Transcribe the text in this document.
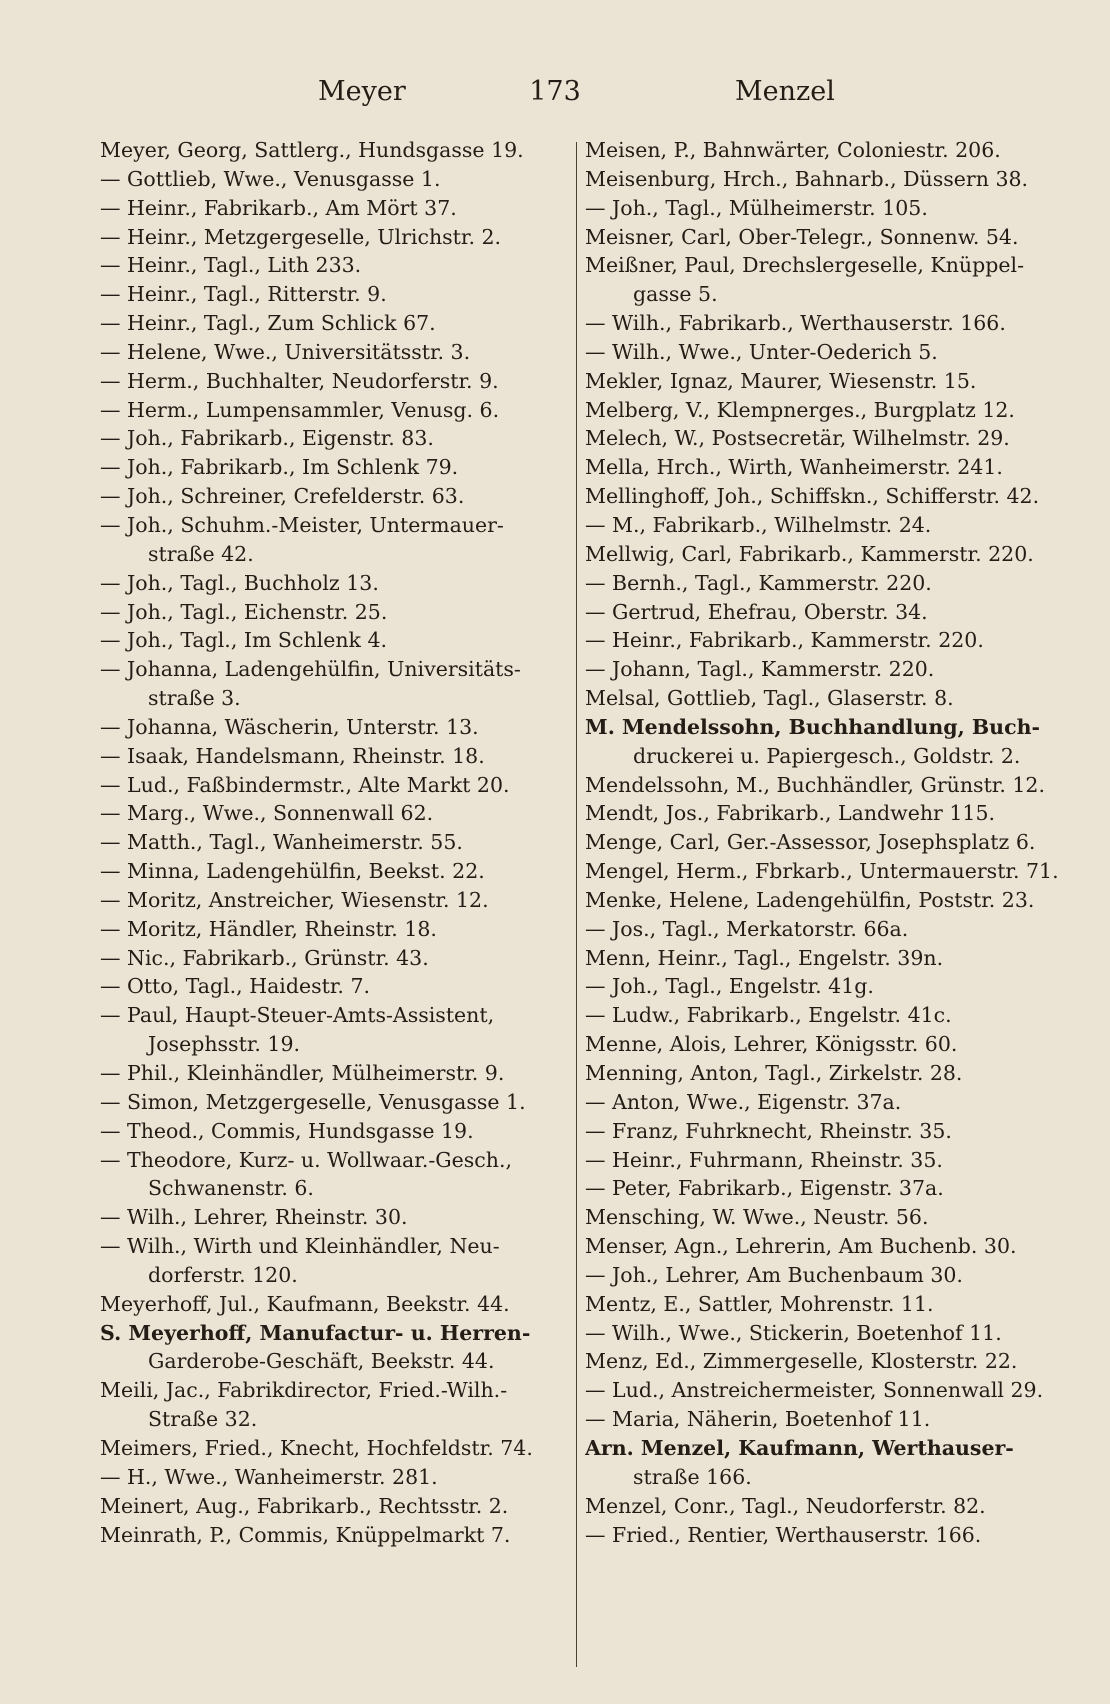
Meyer	173	Menzel
Meyer, Georg, Sattlerg., Hundsgasse 19.
— Gottlieb, Wwe., Venusgasse 1.
— Heinr., Fabrikarb., Am Mört 37.
— Heinr., Metzgergeselle, Ulrichstr. 2.
— Heinr., Tagl., Lith 233.
— Heinr., Tagl., Ritterstr. 9.
— Heinr., Tagl., Zum Schlick 67.
— Helene, Wwe., Universitätsstr. 3.
— Herm., Buchhalter, Neudorferstr. 9.
— Herm., Lumpensammler, Venusg. 6.
— Joh., Fabrikarb., Eigenstr. 83.
— Joh., Fabrikarb., Im Schlenk 79.
— Joh., Schreiner, Crefelderstr. 63.
— Joh., Schuhm.-Meister, Untermauer-
straße 42.
— Joh., Tagl., Buchholz 13.
— Joh., Tagl., Eichenstr. 25.
— Joh., Tagl., Im Schlenk 4.
— Johanna, Ladengehülfin, Universitäts-
straße 3.
— Johanna, Wäscherin, Unterstr. 13.
— Isaak, Handelsmann, Rheinstr. 18.
— Lud., Faßbindermstr., Alte Markt 20.
— Marg., Wwe., Sonnenwall 62.
— Matth., Tagl., Wanheimerstr. 55.
— Minna, Ladengehülfin, Beekst. 22.
— Moritz, Anstreicher, Wiesenstr. 12.
— Moritz, Händler, Rheinstr. 18.
— Nic., Fabrikarb., Grünstr. 43.
— Otto, Tagl., Haidestr. 7.
— Paul, Haupt-Steuer-Amts-Assistent,
Josephsstr. 19.
— Phil., Kleinhändler, Mülheimerstr. 9.
— Simon, Metzgergeselle, Venusgasse 1.
— Theod., Commis, Hundsgasse 19.
— Theodore, Kurz- u. Wollwaar.-Gesch.,
Schwanenstr. 6.
— Wilh., Lehrer, Rheinstr. 30.
— Wilh., Wirth und Kleinhändler, Neu-
dorferstr. 120.
Meyerhoff, Jul., Kaufmann, Beekstr. 44.
S. Meyerhoff, Manufactur- u. Herren-
Garderobe-Geschäft, Beekstr. 44.
Meili, Jac., Fabrikdirector, Fried.-Wilh.-
Straße 32.
Meimers, Fried., Knecht, Hochfeldstr. 74.
— H., Wwe., Wanheimerstr. 281.
Meinert, Aug., Fabrikarb., Rechtsstr. 2.
Meinrath, P., Commis, Knüppelmarkt 7.
Meisen, P., Bahnwärter, Coloniestr. 206.
Meisenburg, Hrch., Bahnarb., Düssern 38.
— Joh., Tagl., Mülheimerstr. 105.
Meisner, Carl, Ober-Telegr., Sonnenw. 54.
Meißner, Paul, Drechslergeselle, Knüppel-
gasse 5.
— Wilh., Fabrikarb., Werthauserstr. 166.
— Wilh., Wwe., Unter-Oederich 5.
Mekler, Ignaz, Maurer, Wiesenstr. 15.
Melberg, V., Klempnerges., Burgplatz 12.
Melech, W., Postsecretär, Wilhelmstr. 29.
Mella, Hrch., Wirth, Wanheimerstr. 241.
Mellinghoff, Joh., Schiffskn., Schifferstr. 42.
— M., Fabrikarb., Wilhelmstr. 24.
Mellwig, Carl, Fabrikarb., Kammerstr. 220.
— Bernh., Tagl., Kammerstr. 220.
— Gertrud, Ehefrau, Oberstr. 34.
— Heinr., Fabrikarb., Kammerstr. 220.
— Johann, Tagl., Kammerstr. 220.
Melsal, Gottlieb, Tagl., Glaserstr. 8.
M. Mendelssohn, Buchhandlung, Buch-
druckerei u. Papiergesch., Goldstr. 2.
Mendelssohn, M., Buchhändler, Grünstr. 12.
Mendt, Jos., Fabrikarb., Landwehr 115.
Menge, Carl, Ger.-Assessor, Josephsplatz 6.
Mengel, Herm., Fbrkarb., Untermauerstr. 71.
Menke, Helene, Ladengehülfin, Poststr. 23.
— Jos., Tagl., Merkatorstr. 66a.
Menn, Heinr., Tagl., Engelstr. 39n.
— Joh., Tagl., Engelstr. 41g.
— Ludw., Fabrikarb., Engelstr. 41c.
Menne, Alois, Lehrer, Königsstr. 60.
Menning, Anton, Tagl., Zirkelstr. 28.
— Anton, Wwe., Eigenstr. 37a.
— Franz, Fuhrknecht, Rheinstr. 35.
— Heinr., Fuhrmann, Rheinstr. 35.
— Peter, Fabrikarb., Eigenstr. 37a.
Mensching, W. Wwe., Neustr. 56.
Menser, Agn., Lehrerin, Am Buchenb. 30.
— Joh., Lehrer, Am Buchenbaum 30.
Mentz, E., Sattler, Mohrenstr. 11.
— Wilh., Wwe., Stickerin, Boetenhof 11.
Menz, Ed., Zimmergeselle, Klosterstr. 22.
— Lud., Anstreichermeister, Sonnenwall 29.
— Maria, Näherin, Boetenhof 11.
Arn. Menzel, Kaufmann, Werthauser-
straße 166.
Menzel, Conr., Tagl., Neudorferstr. 82.
— Fried., Rentier, Werthauserstr. 166.
